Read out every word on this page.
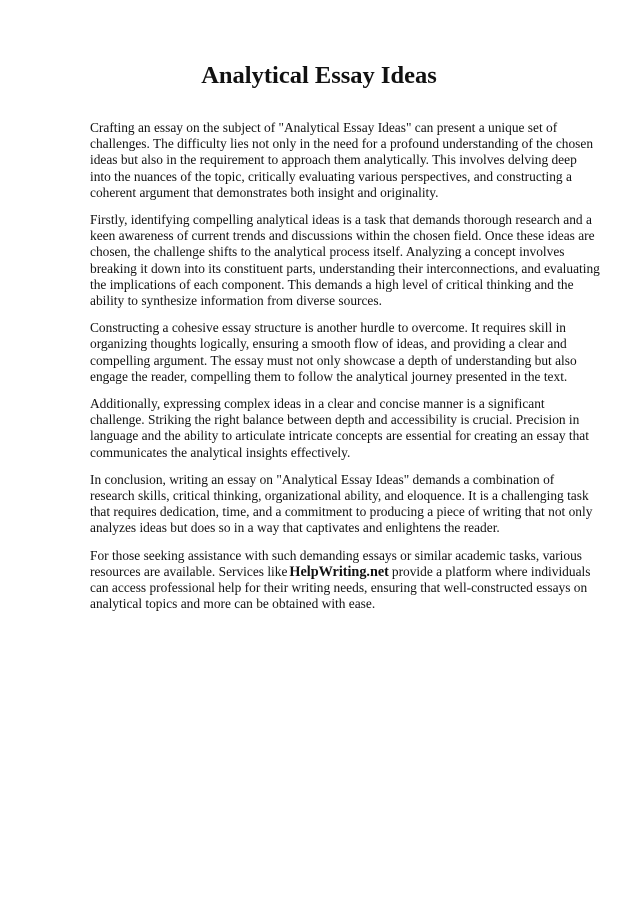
Analytical Essay Ideas

Crafting an essay on the subject of "Analytical Essay Ideas" can present a unique set of challenges. The difficulty lies not only in the need for a profound understanding of the chosen ideas but also in the requirement to approach them analytically. This involves delving deep into the nuances of the topic, critically evaluating various perspectives, and constructing a coherent argument that demonstrates both insight and originality.

Firstly, identifying compelling analytical ideas is a task that demands thorough research and a keen awareness of current trends and discussions within the chosen field. Once these ideas are chosen, the challenge shifts to the analytical process itself. Analyzing a concept involves breaking it down into its constituent parts, understanding their interconnections, and evaluating the implications of each component. This demands a high level of critical thinking and the ability to synthesize information from diverse sources.

Constructing a cohesive essay structure is another hurdle to overcome. It requires skill in organizing thoughts logically, ensuring a smooth flow of ideas, and providing a clear and compelling argument. The essay must not only showcase a depth of understanding but also engage the reader, compelling them to follow the analytical journey presented in the text.

Additionally, expressing complex ideas in a clear and concise manner is a significant challenge. Striking the right balance between depth and accessibility is crucial. Precision in language and the ability to articulate intricate concepts are essential for creating an essay that communicates the analytical insights effectively.

In conclusion, writing an essay on "Analytical Essay Ideas" demands a combination of research skills, critical thinking, organizational ability, and eloquence. It is a challenging task that requires dedication, time, and a commitment to producing a piece of writing that not only analyzes ideas but does so in a way that captivates and enlightens the reader.

For those seeking assistance with such demanding essays or similar academic tasks, various resources are available. Services like HelpWriting.net provide a platform where individuals can access professional help for their writing needs, ensuring that well-constructed essays on analytical topics and more can be obtained with ease.
